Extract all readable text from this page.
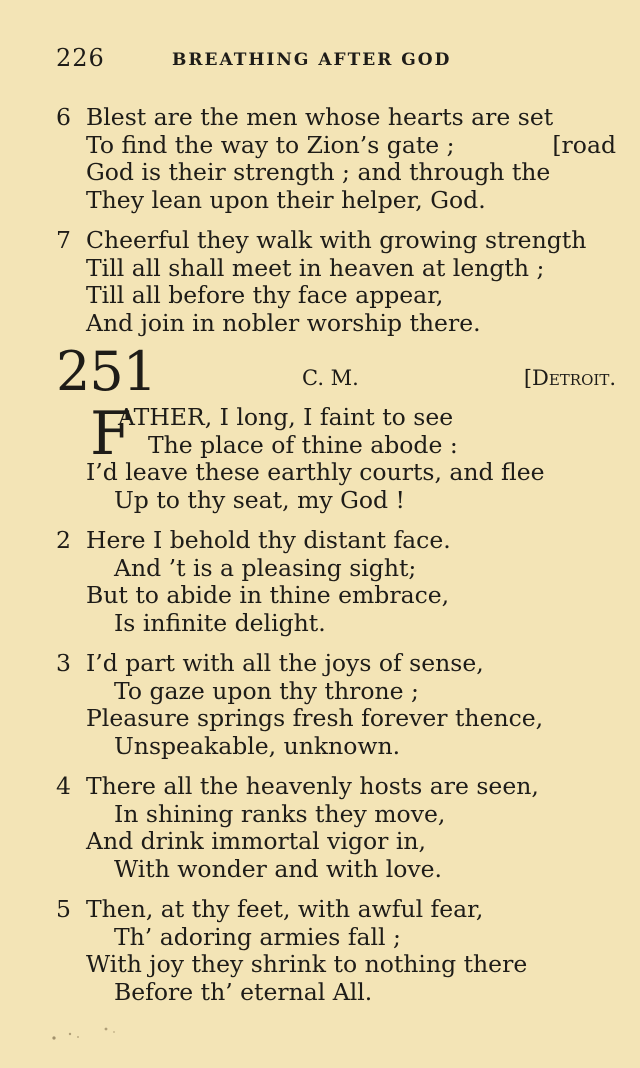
226	BREATHING AFTER GOD
6 Blest are the men whose hearts are set
To find the way to Zion’s gate ;	[road
God is their strength ; and through the
They lean upon their helper, God.
7 Cheerful they walk with growing strength
Till all shall meet in heaven at length ;
Till all before thy face appear,
And join in nobler worship there.
251	C. M.	[Detroit.
F
ATHER, I long, I faint to see
The place of thine abode :
I’d leave these earthly courts, and flee
Up to thy seat, my God !
2 Here I behold thy distant face.
And ’t is a pleasing sight;
But to abide in thine embrace,
Is infinite delight.
3 I’d part with all the joys of sense,
To gaze upon thy throne ;
Pleasure springs fresh forever thence,
Unspeakable, unknown.
4 There all the heavenly hosts are seen,
In shining ranks they move,
And drink immortal vigor in,
With wonder and with love.
5 Then, at thy feet, with awful fear,
Th’ adoring armies fall ;
With joy they shrink to nothing there
Before th’ eternal All.
